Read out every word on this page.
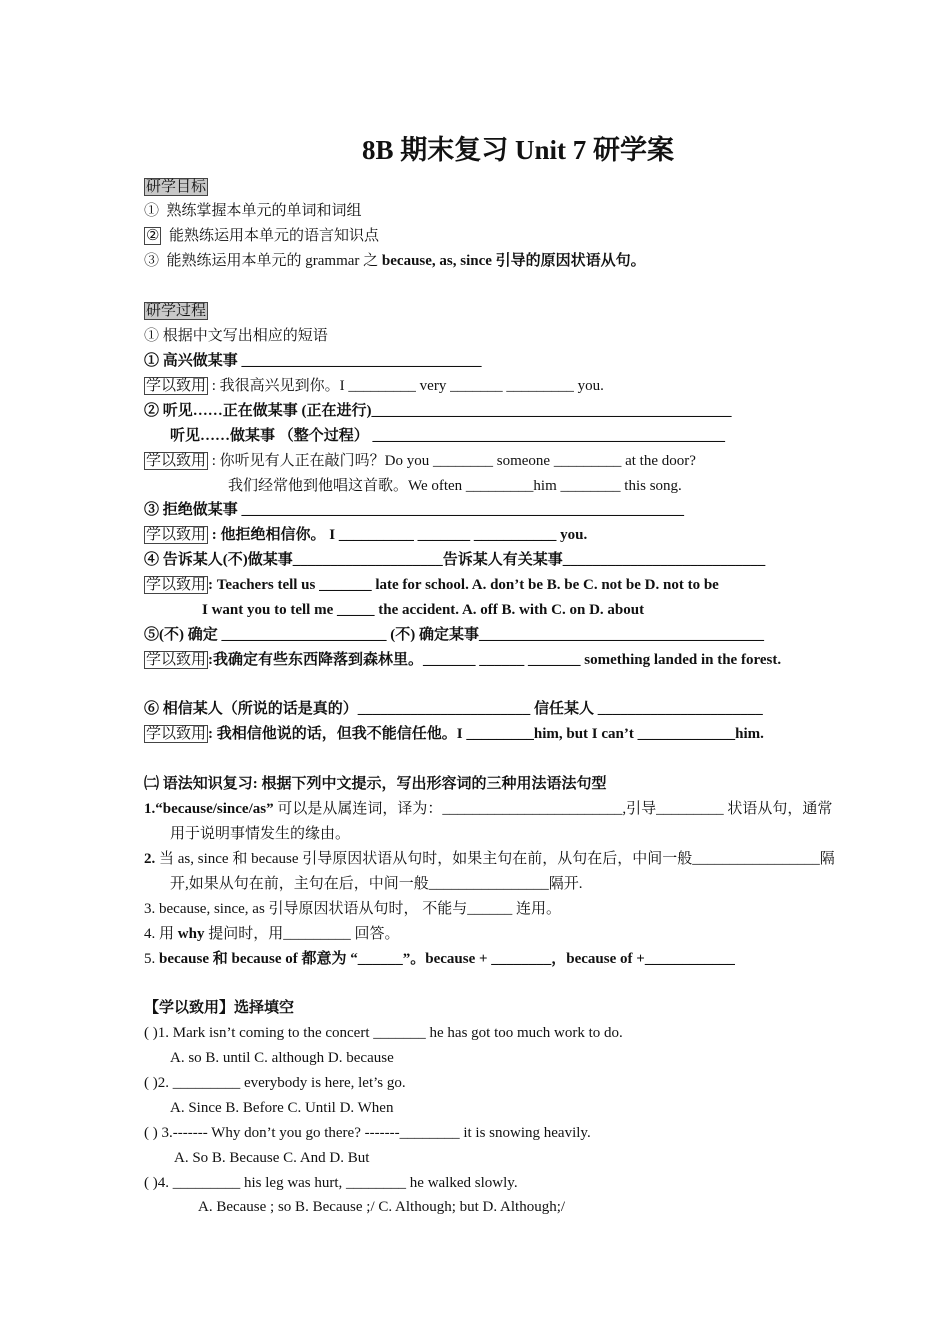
8B 期末复习 Unit 7 研学案
研学目标
① 熟练掌握本单元的单词和词组
② 能熟练运用本单元的语言知识点
③ 能熟练运用本单元的 grammar 之 because, as, since 引导的原因状语从句。
研学过程
① 根据中文写出相应的短语
① 高兴做某事 ________________________________
学以致用 : 我很高兴见到你。I _________ very _______ _________ you.
② 听见……正在做某事 (正在进行)________________________________________________
听见……做某事 （整个过程） _______________________________________________
学以致用 : 你听见有人正在敲门吗？Do you ________ someone _________ at the door?
我们经常他到他唱这首歌。We often _________him ________ this song.
③ 拒绝做某事 ___________________________________________________________
学以致用 : 他拒绝相信你。 I __________ _______ ___________ you.
④ 告诉某人(不)做某事____________________告诉某人有关某事___________________________
学以致用 : Teachers tell us _______ late for school. A. don’t be B. be C. not be D. not to be
I want you to tell me _____ the accident. A. off B. with C. on D. about
⑤(不) 确定 ______________________ (不) 确定某事______________________________________
学以致用 :我确定有些东西降落到森林里。_______ ______ _______ something landed in the forest.
⑥ 相信某人（所说的话是真的）_______________________ 信任某人 ______________________
学以致用 : 我相信他说的话，但我不能信任他。I _________him, but I can’t _____________him.
㈡ 语法知识复习: 根据下列中文提示，写出形容词的三种用法语法句型
1.“because/since/as” 可以是从属连词，译为：________________________,引导_________ 状语从句，通常
用于说明事情发生的缘由。
2. 当 as, since 和 because 引导原因状语从句时，如果主句在前，从句在后，中间一般_________________隔
开,如果从句在前，主句在后，中间一般________________隔开.
3. because, since, as 引导原因状语从句时， 不能与______ 连用。
4. 用 why 提问时，用_________ 回答。
5. because 和 because of 都意为 “______”。because + ________，because of +____________
【学以致用】选择填空
( )1. Mark isn’t coming to the concert _______ he has got too much work to do.
A. so B. until C. although D. because
( )2. _________ everybody is here, let’s go.
A. Since B. Before C. Until D. When
( ) 3.------- Why don’t you go there? -------________ it is snowing heavily.
A. So B. Because C. And D. But
( )4. _________ his leg was hurt, ________ he walked slowly.
A. Because ; so B. Because ;/ C. Although; but D. Although;/
